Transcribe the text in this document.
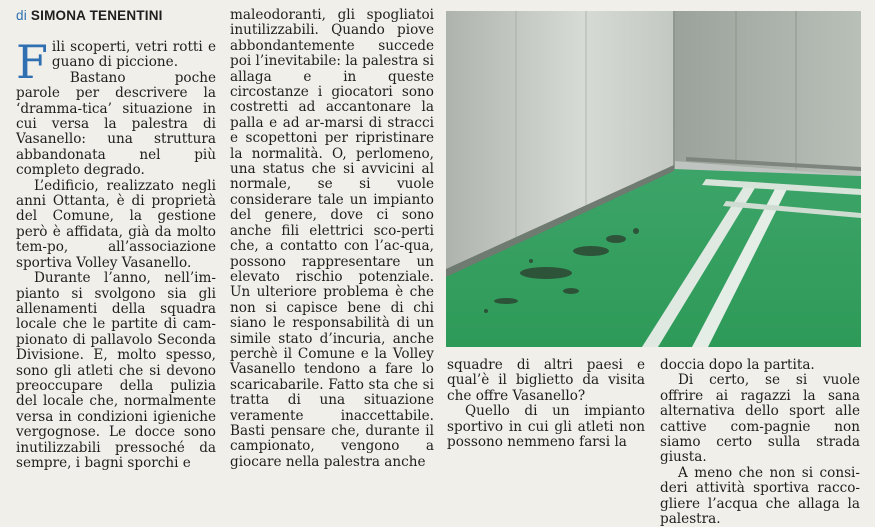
di SIMONA TENENTINI

Fili scoperti, vetri rotti e guano di piccione.

Bastano poche parole per descrivere la ‘dramma-tica’ situazione in cui versa la palestra di Vasanello: una struttura abbandonata nel più completo degrado.

L’edificio, realizzato negli anni Ottanta, è di proprietà del Comune, la gestione però è affidata, già da molto tem-po, all’associazione sportiva Volley Vasanello.

Durante l’anno, nell’im-pianto si svolgono sia gli allenamenti della squadra locale che le partite di cam-pionato di pallavolo Seconda Divisione. E, molto spesso, sono gli atleti che si devono preoccupare della pulizia del locale che, normalmente versa in condizioni igieniche vergognose. Le docce sono inutilizzabili pressoché da sempre, i bagni sporchi e

maleodoranti, gli spogliatoi inutilizzabili. Quando piove abbondantemente succede poi l’inevitabile: la palestra si allaga e in queste circostanze i giocatori sono costretti ad accantonare la palla e ad ar-marsi di stracci e scopettoni per ripristinare la normalità. O, perlomeno, una status che si avvicini al normale, se si vuole considerare tale un impianto del genere, dove ci sono anche fili elettrici sco-perti che, a contatto con l’ac-qua, possono rappresentare un elevato rischio potenziale. Un ulteriore problema è che non si capisce bene di chi siano le responsabilità di un simile stato d’incuria, anche perchè il Comune e la Volley Vasanello tendono a fare lo scaricabarile. Fatto sta che si tratta di una situazione veramente inaccettabile. Basti pensare che, durante il campionato, vengono a giocare nella palestra anche

squadre di altri paesi e qual’è il biglietto da visita che offre Vasanello?

Quello di un impianto sportivo in cui gli atleti non possono nemmeno farsi la

doccia dopo la partita.

Di certo, se si vuole offrire ai ragazzi la sana alternativa dello sport alle cattive com-pagnie non siamo certo sulla strada giusta.

A meno che non si consi-deri attività sportiva racco-gliere l’acqua che allaga la palestra.
